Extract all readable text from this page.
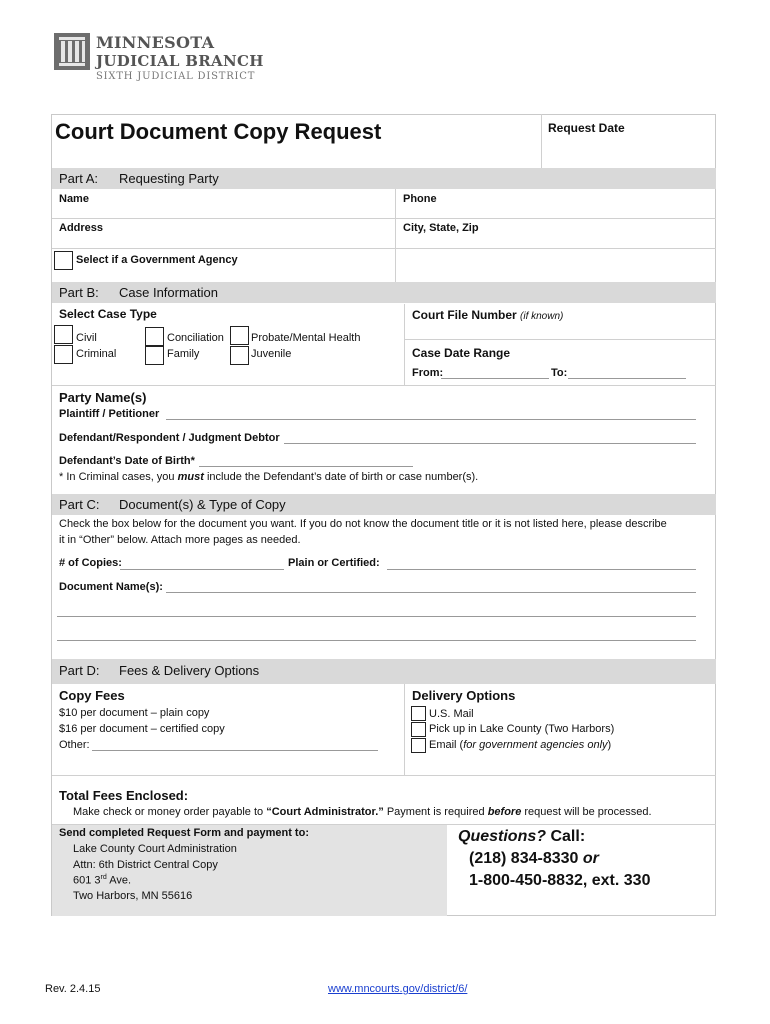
MINNESOTA
JUDICIAL BRANCH
SIXTH JUDICIAL DISTRICT
Court Document Copy Request	Request Date
Part A: Requesting Party
Name	Phone
Address	City, State, Zip
Select if a Government Agency
Part B: Case Information
Select Case Type
Civil
Criminal
Conciliation
Family
Probate/Mental Health
Juvenile
Court File Number (if known)
Case Date Range
From:	To:
Party Name(s)
Plaintiff / Petitioner
Defendant/Respondent / Judgment Debtor
Defendant’s Date of Birth*
* In Criminal cases, you must include the Defendant’s date of birth or case number(s).
Part C: Document(s) & Type of Copy
Check the box below for the document you want. If you do not know the document title or it is not listed here, please describe
it in “Other” below. Attach more pages as needed.
# of Copies:	Plain or Certified:
Document Name(s):
Part D: Fees & Delivery Options
Copy Fees
$10 per document – plain copy
$16 per document – certified copy
Other:
Delivery Options
U.S. Mail
Pick up in Lake County (Two Harbors)
Email (for government agencies only)
Total Fees Enclosed:
Make check or money order payable to “Court Administrator.” Payment is required before request will be processed.
Send completed Request Form and payment to:
Lake County Court Administration
Attn: 6th District Central Copy
601 3rd Ave.
Two Harbors, MN 55616
Questions? Call:
(218) 834-8330 or
1-800-450-8832, ext. 330
Rev. 2.4.15	www.mncourts.gov/district/6/
